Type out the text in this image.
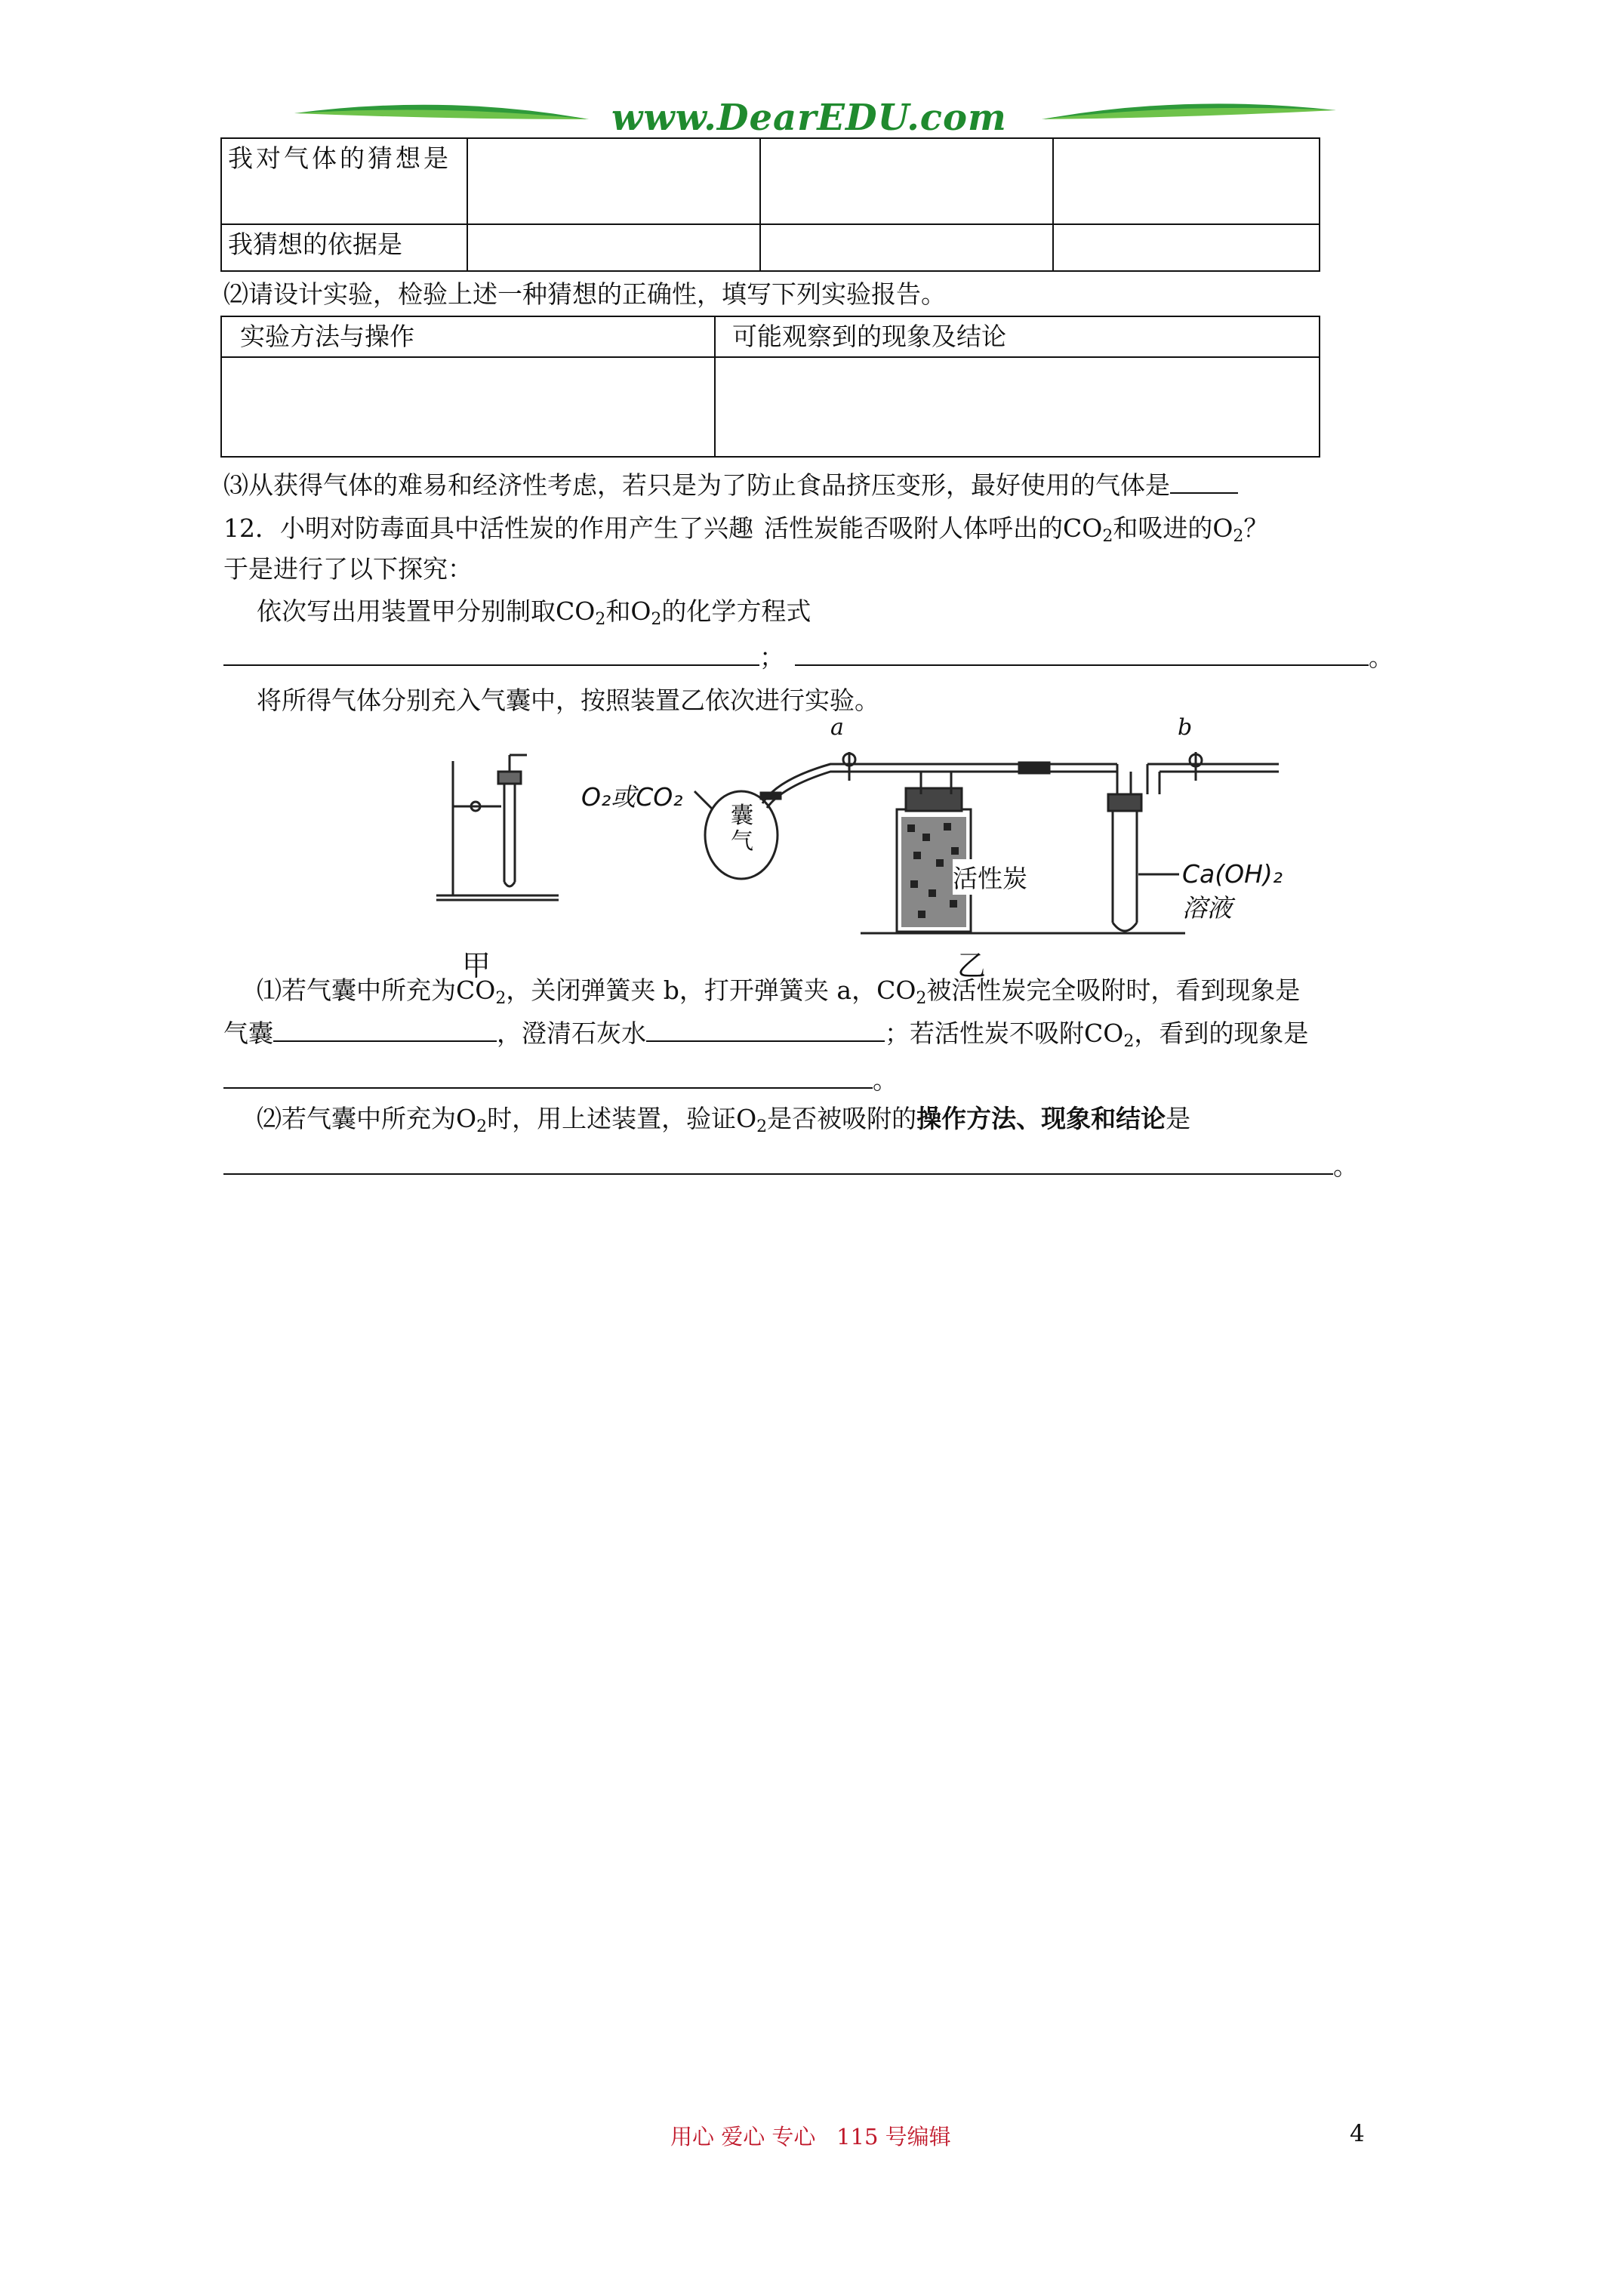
www.DearEDU.com
我对气体的猜想是			
我猜想的依据是			
⑵请设计实验，检验上述一种猜想的正确性，填写下列实验报告。
实验方法与操作	可能观察到的现象及结论

⑶从获得气体的难易和经济性考虑，若只是为了防止食品挤压变形，最好使用的气体是
12．小明对防毒面具中活性炭的作用产生了兴趣 活性炭能否吸附人体呼出的$CO_2$和吸进的$O_2$？
于是进行了以下探究：
依次写出用装置甲分别制取$CO_2$和$O_2$的化学方程式
；	。
将所得气体分别充入气囊中，按照装置乙依次进行实验。
O₂或CO₂
囊气
a	b
活性炭	Ca(OH)₂溶液
甲	乙
⑴若气囊中所充为$CO_2$，关闭弹簧夹 b，打开弹簧夹 a，$CO_2$被活性炭完全吸附时，看到现象是
气囊	，澄清石灰水	；若活性炭不吸附$CO_2$，看到的现象是
。
⑵若气囊中所充为$O_2$时，用上述装置，验证$O_2$是否被吸附的操作方法、现象和结论是
。
用心 爱心 专心   115 号编辑	4
